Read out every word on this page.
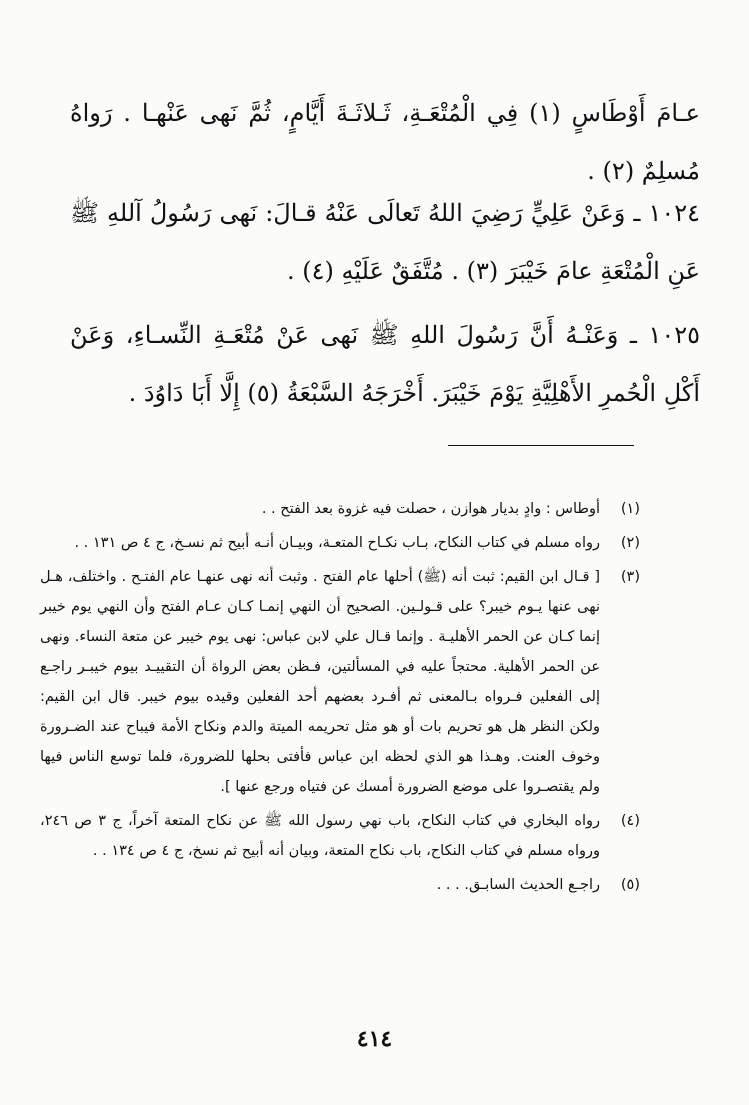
عـامَ أَوْطَاسٍ (١) فِي الْمُتْعَـةِ، ثَـلاثَـةَ أَيَّامٍ، ثُمَّ نَهى عَنْهـا . رَواهُ مُسلِمٌ (٢) .

١٠٢٤ ـ وَعَنْ عَلِيٍّ رَضِيَ اللهُ تَعالَى عَنْهُ قـالَ: نَهى رَسُولُ آللهِ ﷺ عَنِ الْمُتْعَةِ عامَ خَيْبَرَ (٣) . مُتَّفَقٌ عَلَيْهِ (٤) .

١٠٢٥ ـ وَعَنْـهُ أَنَّ رَسُولَ اللهِ ﷺ نَهى عَنْ مُتْعَـةِ النِّسـاءِ، وَعَنْ أَكْلِ الْحُمرِ الأَهْلِيَّةِ يَوْمَ خَيْبَرَ. أَخْرَجَهُ السَّبْعَةُ (٥) إِلَّا أَبَا دَاوُدَ .

(١)
أوطاس : وادٍ بديار هوازن ، حصلت فيه غزوة بعد الفتح . .
(٢)
رواه مسلم في كتاب النكاح، بـاب نكـاح المتعـة، وبيـان أنـه أبيح ثم نسـخ، ج ٤ ص ١٣١ . .
(٣)
[ قـال ابن القيم: ثبت أنه (ﷺ) أحلها عام الفتح . وثبت أنه نهى عنهـا عام الفتـح . واختلف، هـل نهى عنها يـوم خيبر؟ على قـولـين. الصحيح أن النهي إنمـا كـان عـام الفتح وأن النهي يوم خيبر إنما كـان عن الحمر الأهليـة . وإنما قـال علي لابن عباس: نهى يوم خيبر عن متعة النساء. ونهى عن الحمر الأهلية. محتجاً عليه في المسألتين، فـظن بعض الرواة أن التقييـد بيوم خيبـر راجـع إلى الفعلين فـرواه بـالمعنى ثم أفـرد بعضهم أحد الفعلين وقيده بيوم خيبر. قال ابن القيم: ولكن النظر هل هو تحريم بات أو هو مثل تحريمه الميتة والدم ونكاح الأمة فيباح عند الضـرورة وخوف العنت. وهـذا هو الذي لحظه ابن عباس فأفتى بحلها للضرورة، فلما توسع الناس فيها ولم يقتصـروا على موضع الضرورة أمسك عن فتياه ورجع عنها ].
(٤)
رواه البخاري في كتاب النكاح، باب نهي رسول الله ﷺ عن نكاح المتعة آخراً، ج ٣ ص ٢٤٦، ورواه مسلم في كتاب النكاح، باب نكاح المتعة، وبيان أنه أبيح ثم نسخ، ج ٤ ص ١٣٤ . .
(٥)
راجـع الحديث السابـق. . . .
٤١٤
